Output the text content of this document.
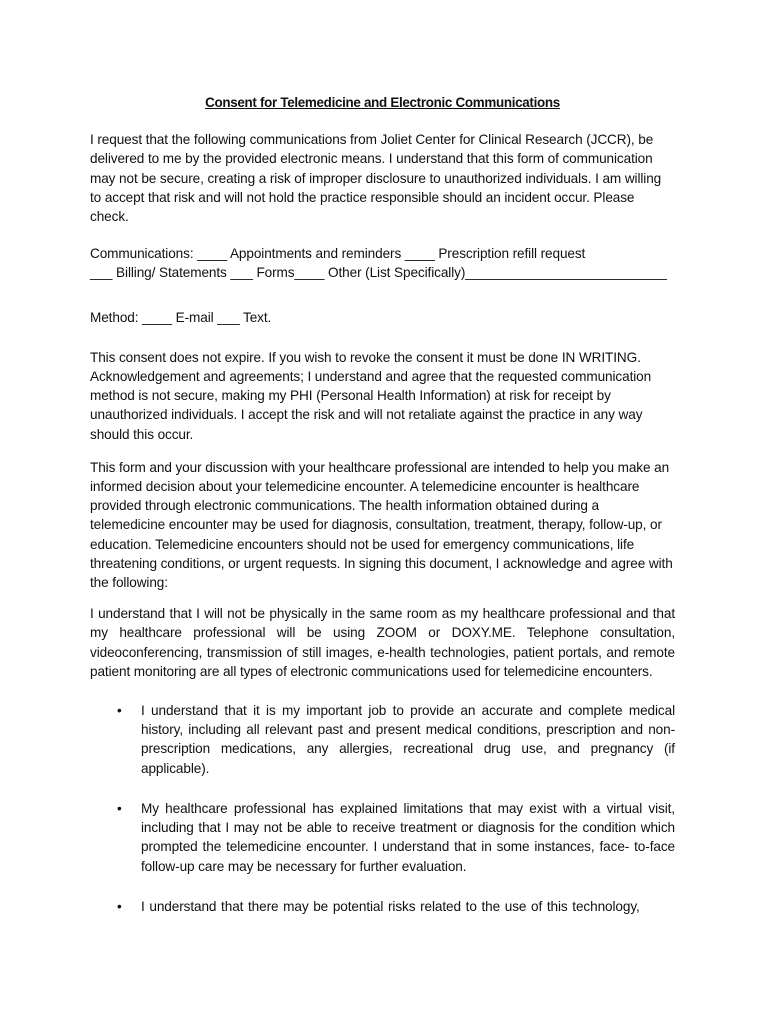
Consent for Telemedicine and Electronic Communications

I request that the following communications from Joliet Center for Clinical Research (JCCR), be delivered to me by the provided electronic means. I understand that this form of communication may not be secure, creating a risk of improper disclosure to unauthorized individuals. I am willing to accept that risk and will not hold the practice responsible should an incident occur. Please check.

Communications: ____ Appointments and reminders ____ Prescription refill request
___ Billing/ Statements ___ Forms____ Other (List Specifically)___________________________
Method: ____ E-mail ___ Text.

This consent does not expire. If you wish to revoke the consent it must be done IN WRITING. Acknowledgement and agreements; I understand and agree that the requested communication method is not secure, making my PHI (Personal Health Information) at risk for receipt by unauthorized individuals. I accept the risk and will not retaliate against the practice in any way should this occur.

This form and your discussion with your healthcare professional are intended to help you make an informed decision about your telemedicine encounter. A telemedicine encounter is healthcare provided through electronic communications. The health information obtained during a telemedicine encounter may be used for diagnosis, consultation, treatment, therapy, follow-up, or education. Telemedicine encounters should not be used for emergency communications, life threatening conditions, or urgent requests. In signing this document, I acknowledge and agree with the following:

I understand that I will not be physically in the same room as my healthcare professional and that my healthcare professional will be using ZOOM or DOXY.ME. Telephone consultation, videoconferencing, transmission of still images, e-health technologies, patient portals, and remote patient monitoring are all types of electronic communications used for telemedicine encounters.

• I understand that it is my important job to provide an accurate and complete medical history, including all relevant past and present medical conditions, prescription and non-prescription medications, any allergies, recreational drug use, and pregnancy (if applicable).
• My healthcare professional has explained limitations that may exist with a virtual visit, including that I may not be able to receive treatment or diagnosis for the condition which prompted the telemedicine encounter. I understand that in some instances, face- to-face follow-up care may be necessary for further evaluation.
• I understand that there may be potential risks related to the use of this technology,
